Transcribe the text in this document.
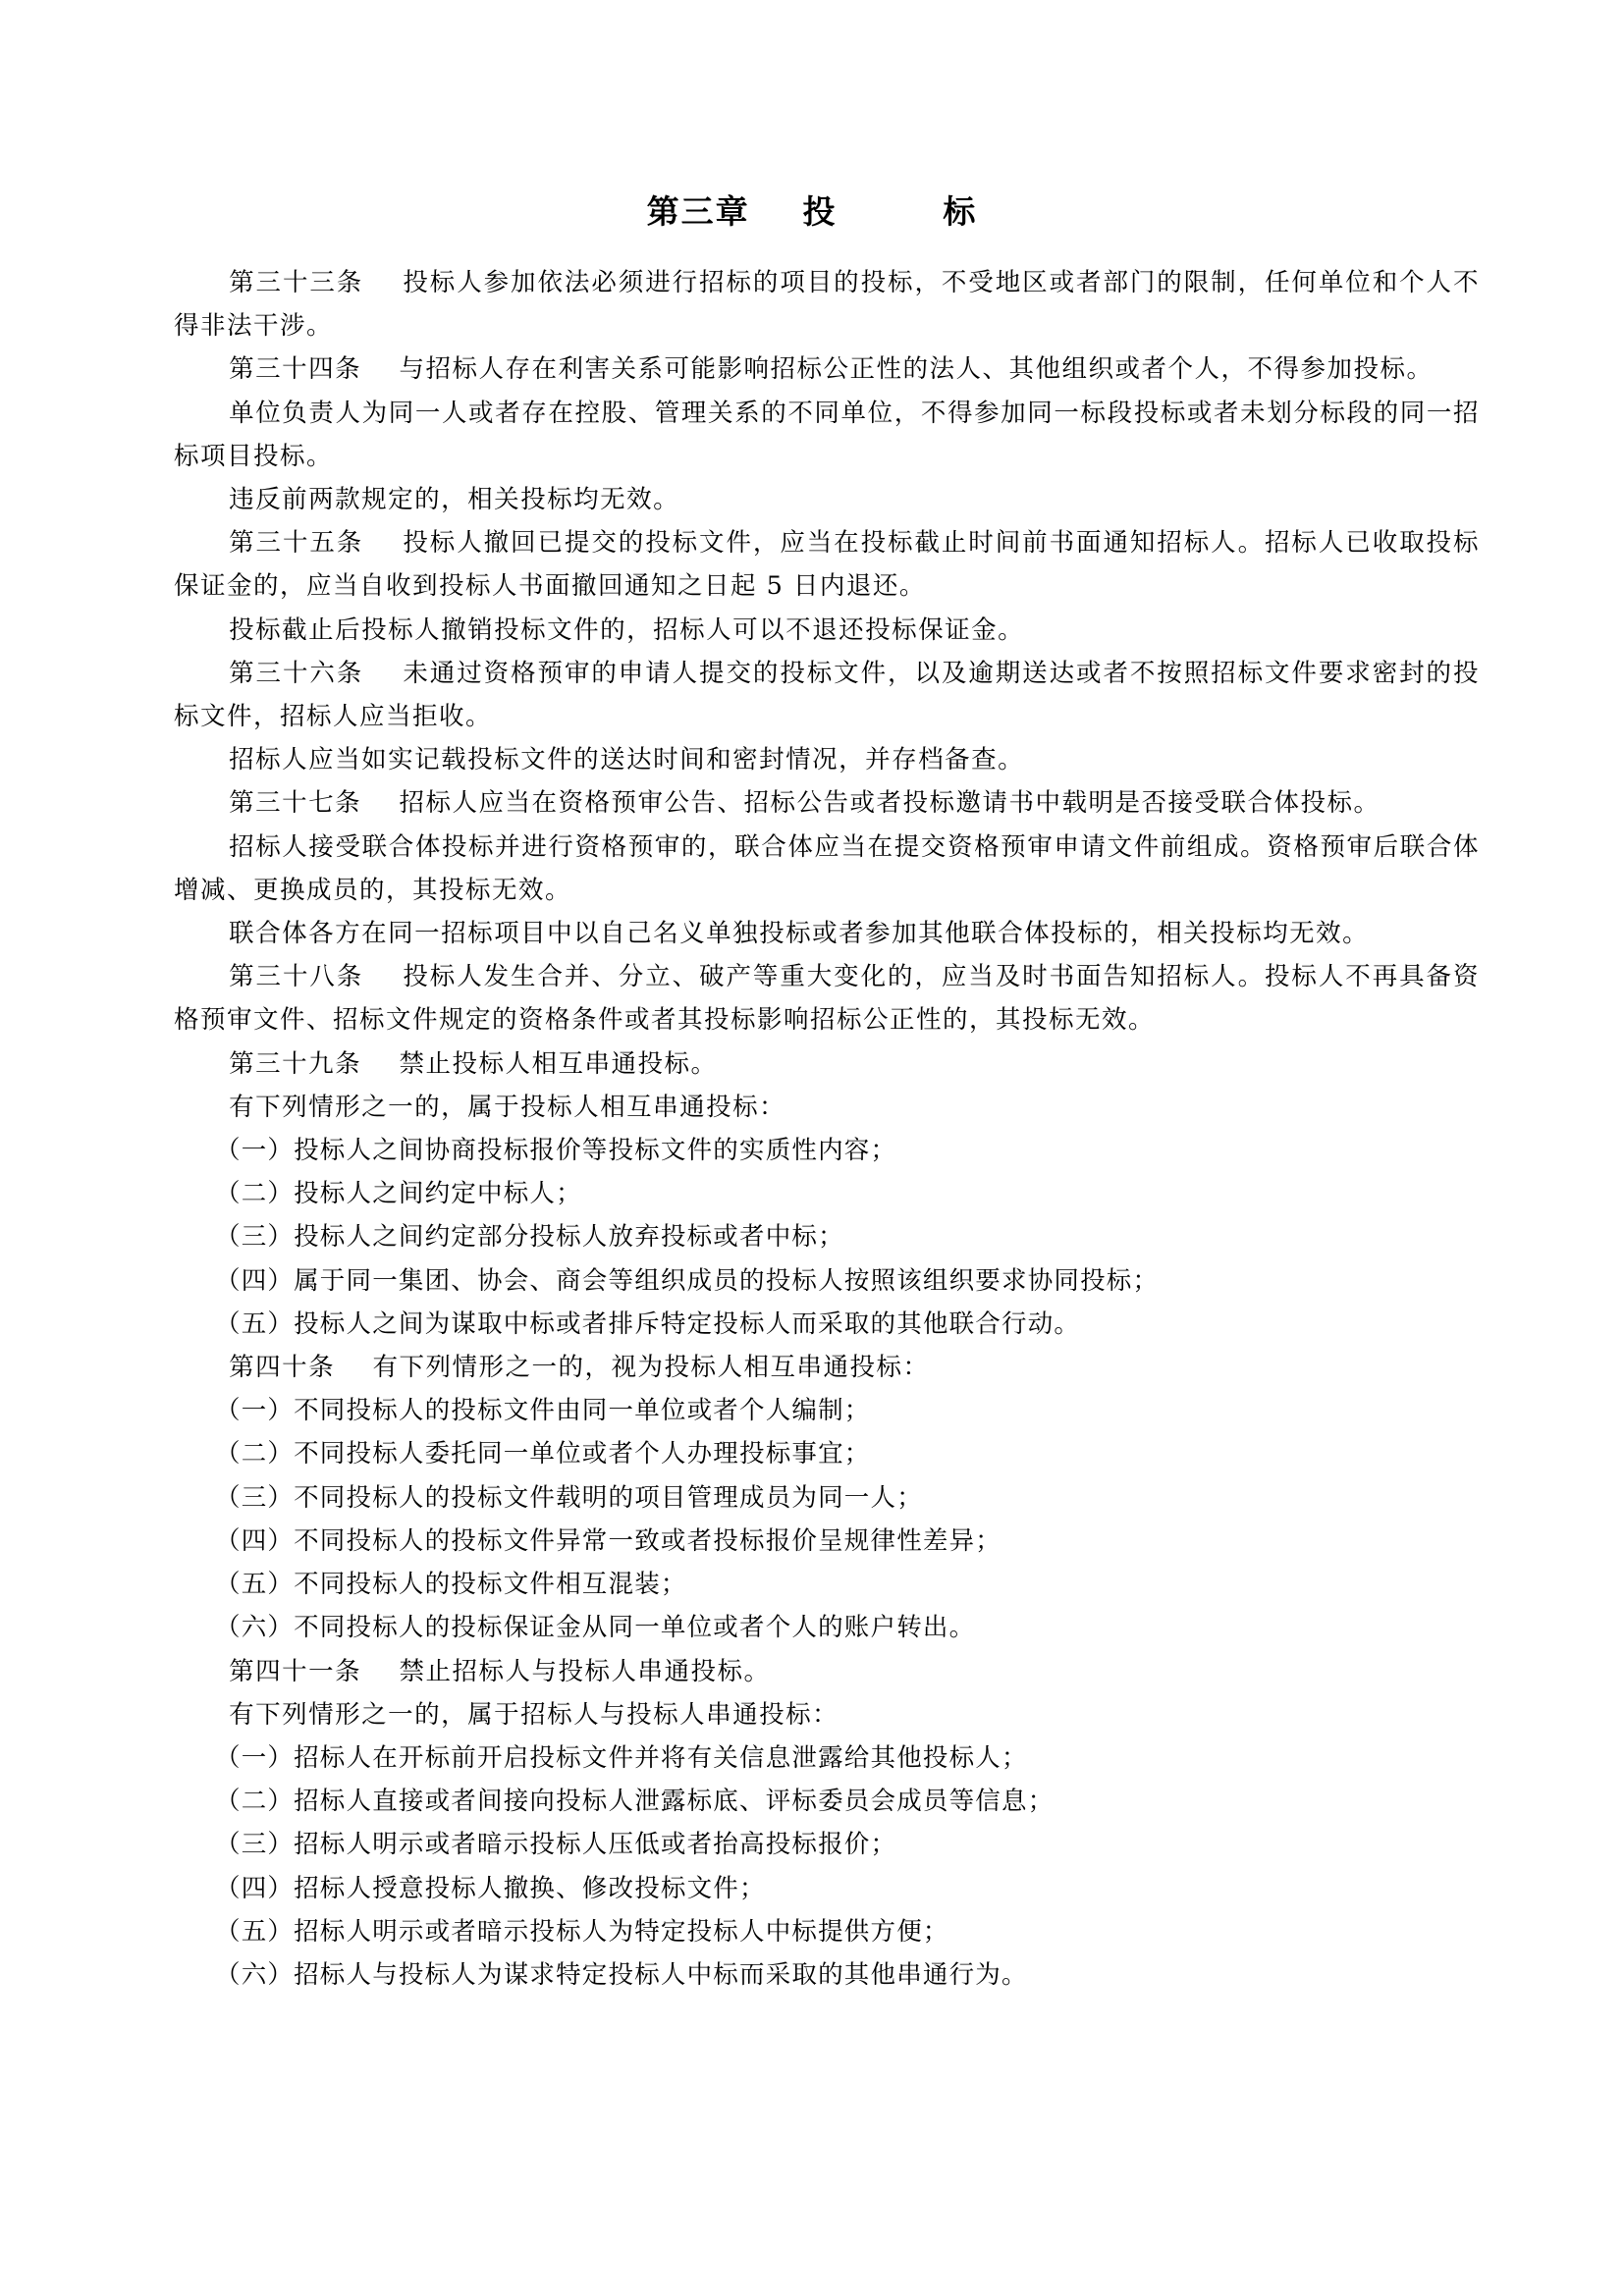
第三章    投        标

第三十三条    投标人参加依法必须进行招标的项目的投标，不受地区或者部门的限制，任何单位和个人不得非法干涉。

第三十四条    与招标人存在利害关系可能影响招标公正性的法人、其他组织或者个人，不得参加投标。

单位负责人为同一人或者存在控股、管理关系的不同单位，不得参加同一标段投标或者未划分标段的同一招标项目投标。

违反前两款规定的，相关投标均无效。

第三十五条    投标人撤回已提交的投标文件，应当在投标截止时间前书面通知招标人。招标人已收取投标保证金的，应当自收到投标人书面撤回通知之日起 5 日内退还。

投标截止后投标人撤销投标文件的，招标人可以不退还投标保证金。

第三十六条    未通过资格预审的申请人提交的投标文件，以及逾期送达或者不按照招标文件要求密封的投标文件，招标人应当拒收。

招标人应当如实记载投标文件的送达时间和密封情况，并存档备查。

第三十七条    招标人应当在资格预审公告、招标公告或者投标邀请书中载明是否接受联合体投标。

招标人接受联合体投标并进行资格预审的，联合体应当在提交资格预审申请文件前组成。资格预审后联合体增减、更换成员的，其投标无效。

联合体各方在同一招标项目中以自己名义单独投标或者参加其他联合体投标的，相关投标均无效。

第三十八条    投标人发生合并、分立、破产等重大变化的，应当及时书面告知招标人。投标人不再具备资格预审文件、招标文件规定的资格条件或者其投标影响招标公正性的，其投标无效。

第三十九条    禁止投标人相互串通投标。

有下列情形之一的，属于投标人相互串通投标：

（一）投标人之间协商投标报价等投标文件的实质性内容；

（二）投标人之间约定中标人；

（三）投标人之间约定部分投标人放弃投标或者中标；

（四）属于同一集团、协会、商会等组织成员的投标人按照该组织要求协同投标；

（五）投标人之间为谋取中标或者排斥特定投标人而采取的其他联合行动。

第四十条    有下列情形之一的，视为投标人相互串通投标：

（一）不同投标人的投标文件由同一单位或者个人编制；

（二）不同投标人委托同一单位或者个人办理投标事宜；

（三）不同投标人的投标文件载明的项目管理成员为同一人；

（四）不同投标人的投标文件异常一致或者投标报价呈规律性差异；

（五）不同投标人的投标文件相互混装；

（六）不同投标人的投标保证金从同一单位或者个人的账户转出。

第四十一条    禁止招标人与投标人串通投标。

有下列情形之一的，属于招标人与投标人串通投标：

（一）招标人在开标前开启投标文件并将有关信息泄露给其他投标人；

（二）招标人直接或者间接向投标人泄露标底、评标委员会成员等信息；

（三）招标人明示或者暗示投标人压低或者抬高投标报价；

（四）招标人授意投标人撤换、修改投标文件；

（五）招标人明示或者暗示投标人为特定投标人中标提供方便；

（六）招标人与投标人为谋求特定投标人中标而采取的其他串通行为。
